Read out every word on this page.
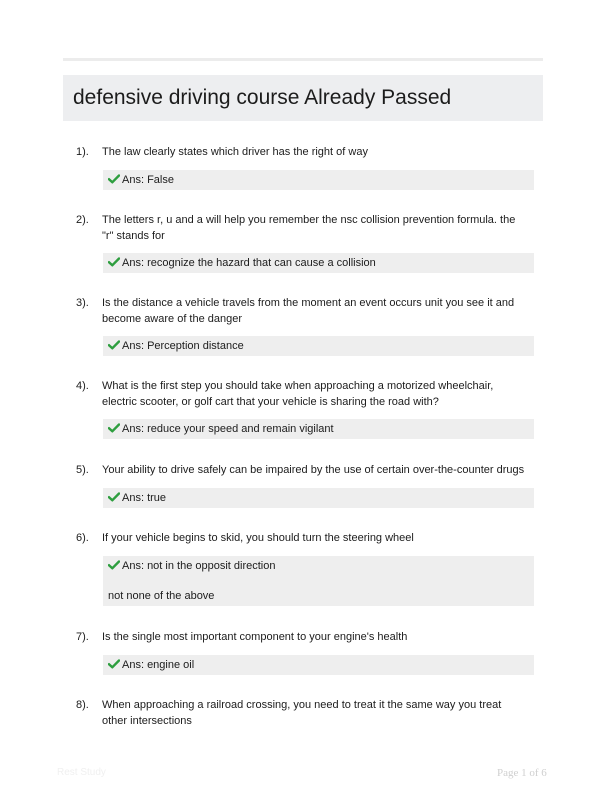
defensive driving course Already Passed
1). The law clearly states which driver has the right of way
Ans: False
2). The letters r, u and a will help you remember the nsc collision prevention formula. the "r" stands for
Ans: recognize the hazard that can cause a collision
3). Is the distance a vehicle travels from the moment an event occurs unit you see it and become aware of the danger
Ans: Perception distance
4). What is the first step you should take when approaching a motorized wheelchair, electric scooter, or golf cart that your vehicle is sharing the road with?
Ans: reduce your speed and remain vigilant
5). Your ability to drive safely can be impaired by the use of certain over-the-counter drugs
Ans: true
6). If your vehicle begins to skid, you should turn the steering wheel
Ans: not in the opposit direction
not none of the above
7). Is the single most important component to your engine's health
Ans: engine oil
8). When approaching a railroad crossing, you need to treat it the same way you treat other intersections
Rest Study	Page 1 of 6
